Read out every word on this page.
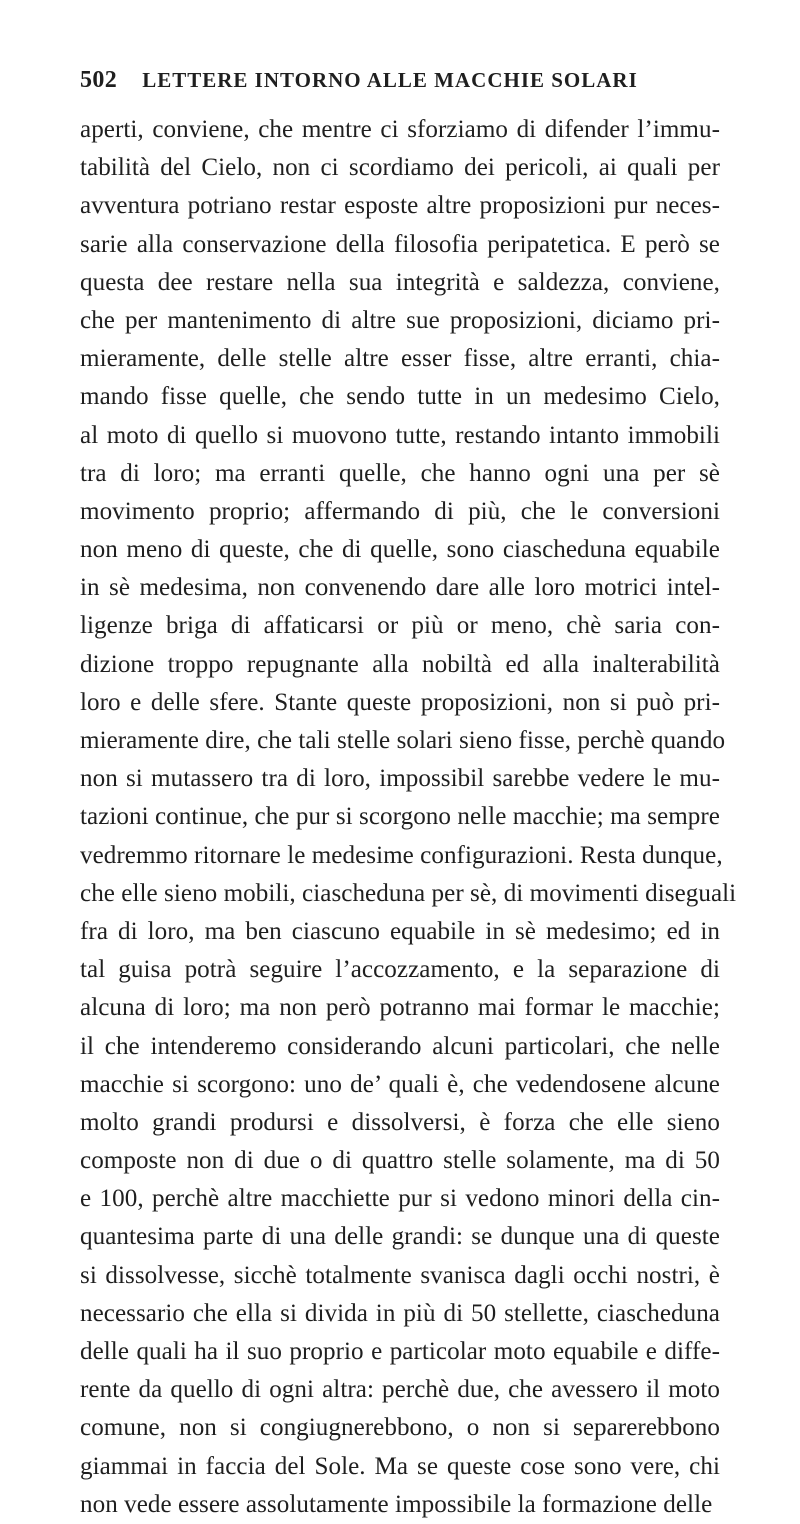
502	LETTERE INTORNO ALLE MACCHIE SOLARI
aperti, conviene, che mentre ci sforziamo di difender l’immu-
tabilità del Cielo, non ci scordiamo dei pericoli, ai quali per
avventura potriano restar esposte altre proposizioni pur neces-
sarie alla conservazione della filosofia peripatetica. E però se
questa dee restare nella sua integrità e saldezza, conviene,
che per mantenimento di altre sue proposizioni, diciamo pri-
mieramente, delle stelle altre esser fisse, altre erranti, chia-
mando fisse quelle, che sendo tutte in un medesimo Cielo,
al moto di quello si muovono tutte, restando intanto immobili
tra di loro; ma erranti quelle, che hanno ogni una per sè
movimento proprio; affermando di più, che le conversioni
non meno di queste, che di quelle, sono ciascheduna equabile
in sè medesima, non convenendo dare alle loro motrici intel-
ligenze briga di affaticarsi or più or meno, chè saria con-
dizione troppo repugnante alla nobiltà ed alla inalterabilità
loro e delle sfere. Stante queste proposizioni, non si può pri-
mieramente dire, che tali stelle solari sieno fisse, perchè quando
non si mutassero tra di loro, impossibil sarebbe vedere le mu-
tazioni continue, che pur si scorgono nelle macchie; ma sempre
vedremmo ritornare le medesime configurazioni. Resta dunque,
che elle sieno mobili, ciascheduna per sè, di movimenti diseguali
fra di loro, ma ben ciascuno equabile in sè medesimo; ed in
tal guisa potrà seguire l’accozzamento, e la separazione di
alcuna di loro; ma non però potranno mai formar le macchie;
il che intenderemo considerando alcuni particolari, che nelle
macchie si scorgono: uno de’ quali è, che vedendosene alcune
molto grandi prodursi e dissolversi, è forza che elle sieno
composte non di due o di quattro stelle solamente, ma di 50
e 100, perchè altre macchiette pur si vedono minori della cin-
quantesima parte di una delle grandi: se dunque una di queste
si dissolvesse, sicchè totalmente svanisca dagli occhi nostri, è
necessario che ella si divida in più di 50 stellette, ciascheduna
delle quali ha il suo proprio e particolar moto equabile e diffe-
rente da quello di ogni altra: perchè due, che avessero il moto
comune, non si congiugnerebbono, o non si separerebbono
giammai in faccia del Sole. Ma se queste cose sono vere, chi
non vede essere assolutamente impossibile la formazione delle
